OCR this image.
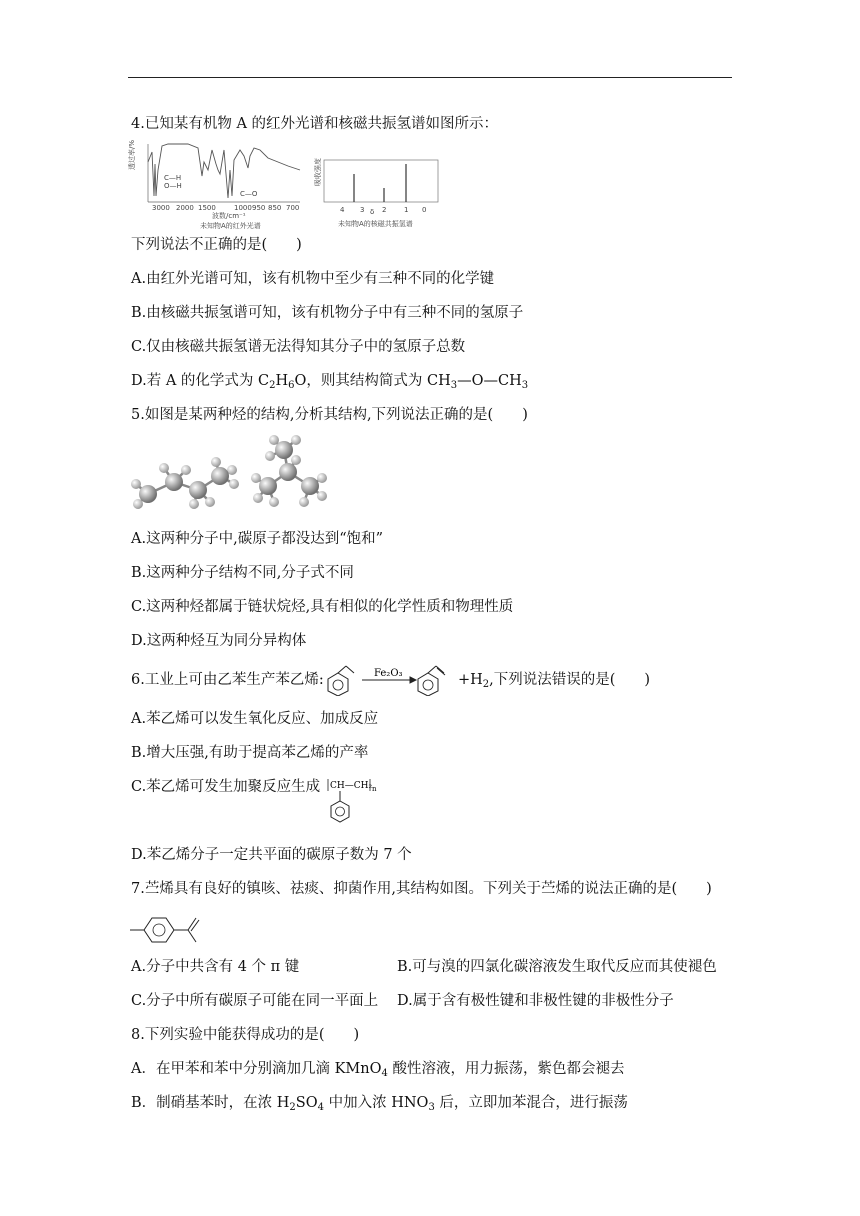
4.已知某有机物 A 的红外光谱和核磁共振氢谱如图所示：
透过率/%
C—H
O—H
C—O
3000 2000 1500	1000 950 850 700
波数/cm⁻¹
未知物A的红外光谱
吸收强度
4 3 δ 2	1 0
未知物A的核磁共振氢谱
下列说法不正确的是(　　)
A.由红外光谱可知，该有机物中至少有三种不同的化学键
B.由核磁共振氢谱可知，该有机物分子中有三种不同的氢原子
C.仅由核磁共振氢谱无法得知其分子中的氢原子总数
D.若 A 的化学式为 $C_2H_6O$，则其结构简式为 $CH_3—O—CH_3$
5.如图是某两种烃的结构,分析其结构,下列说法正确的是(　　)
A.这两种分子中,碳原子都没达到“饱和”
B.这两种分子结构不同,分子式不同
C.这两种烃都属于链状烷烃,具有相似的化学性质和物理性质
D.这两种烃互为同分异构体
6.工业上可由乙苯生产苯乙烯:	Fe₂O₃	$+H_2$,下列说法错误的是(　　)
A.苯乙烯可以发生氧化反应、加成反应
B.增大压强,有助于提高苯乙烯的产率
C.苯乙烯可发生加聚反应生成 CH—CH₂ n
D.苯乙烯分子一定共平面的碳原子数为 7 个
7.苎烯具有良好的镇咳、祛痰、抑菌作用,其结构如图。下列关于苎烯的说法正确的是(　　)
A.分子中共含有 4 个 π 键	B.可与溴的四氯化碳溶液发生取代反应而其使褪色
C.分子中所有碳原子可能在同一平面上 D.属于含有极性键和非极性键的非极性分子
8.下列实验中能获得成功的是(　　)
A．在甲苯和苯中分别滴加几滴 KMnO$_4$ 酸性溶液，用力振荡，紫色都会褪去
B．制硝基苯时，在浓 $H_2SO_4$ 中加入浓 $HNO_3$ 后，立即加苯混合，进行振荡
